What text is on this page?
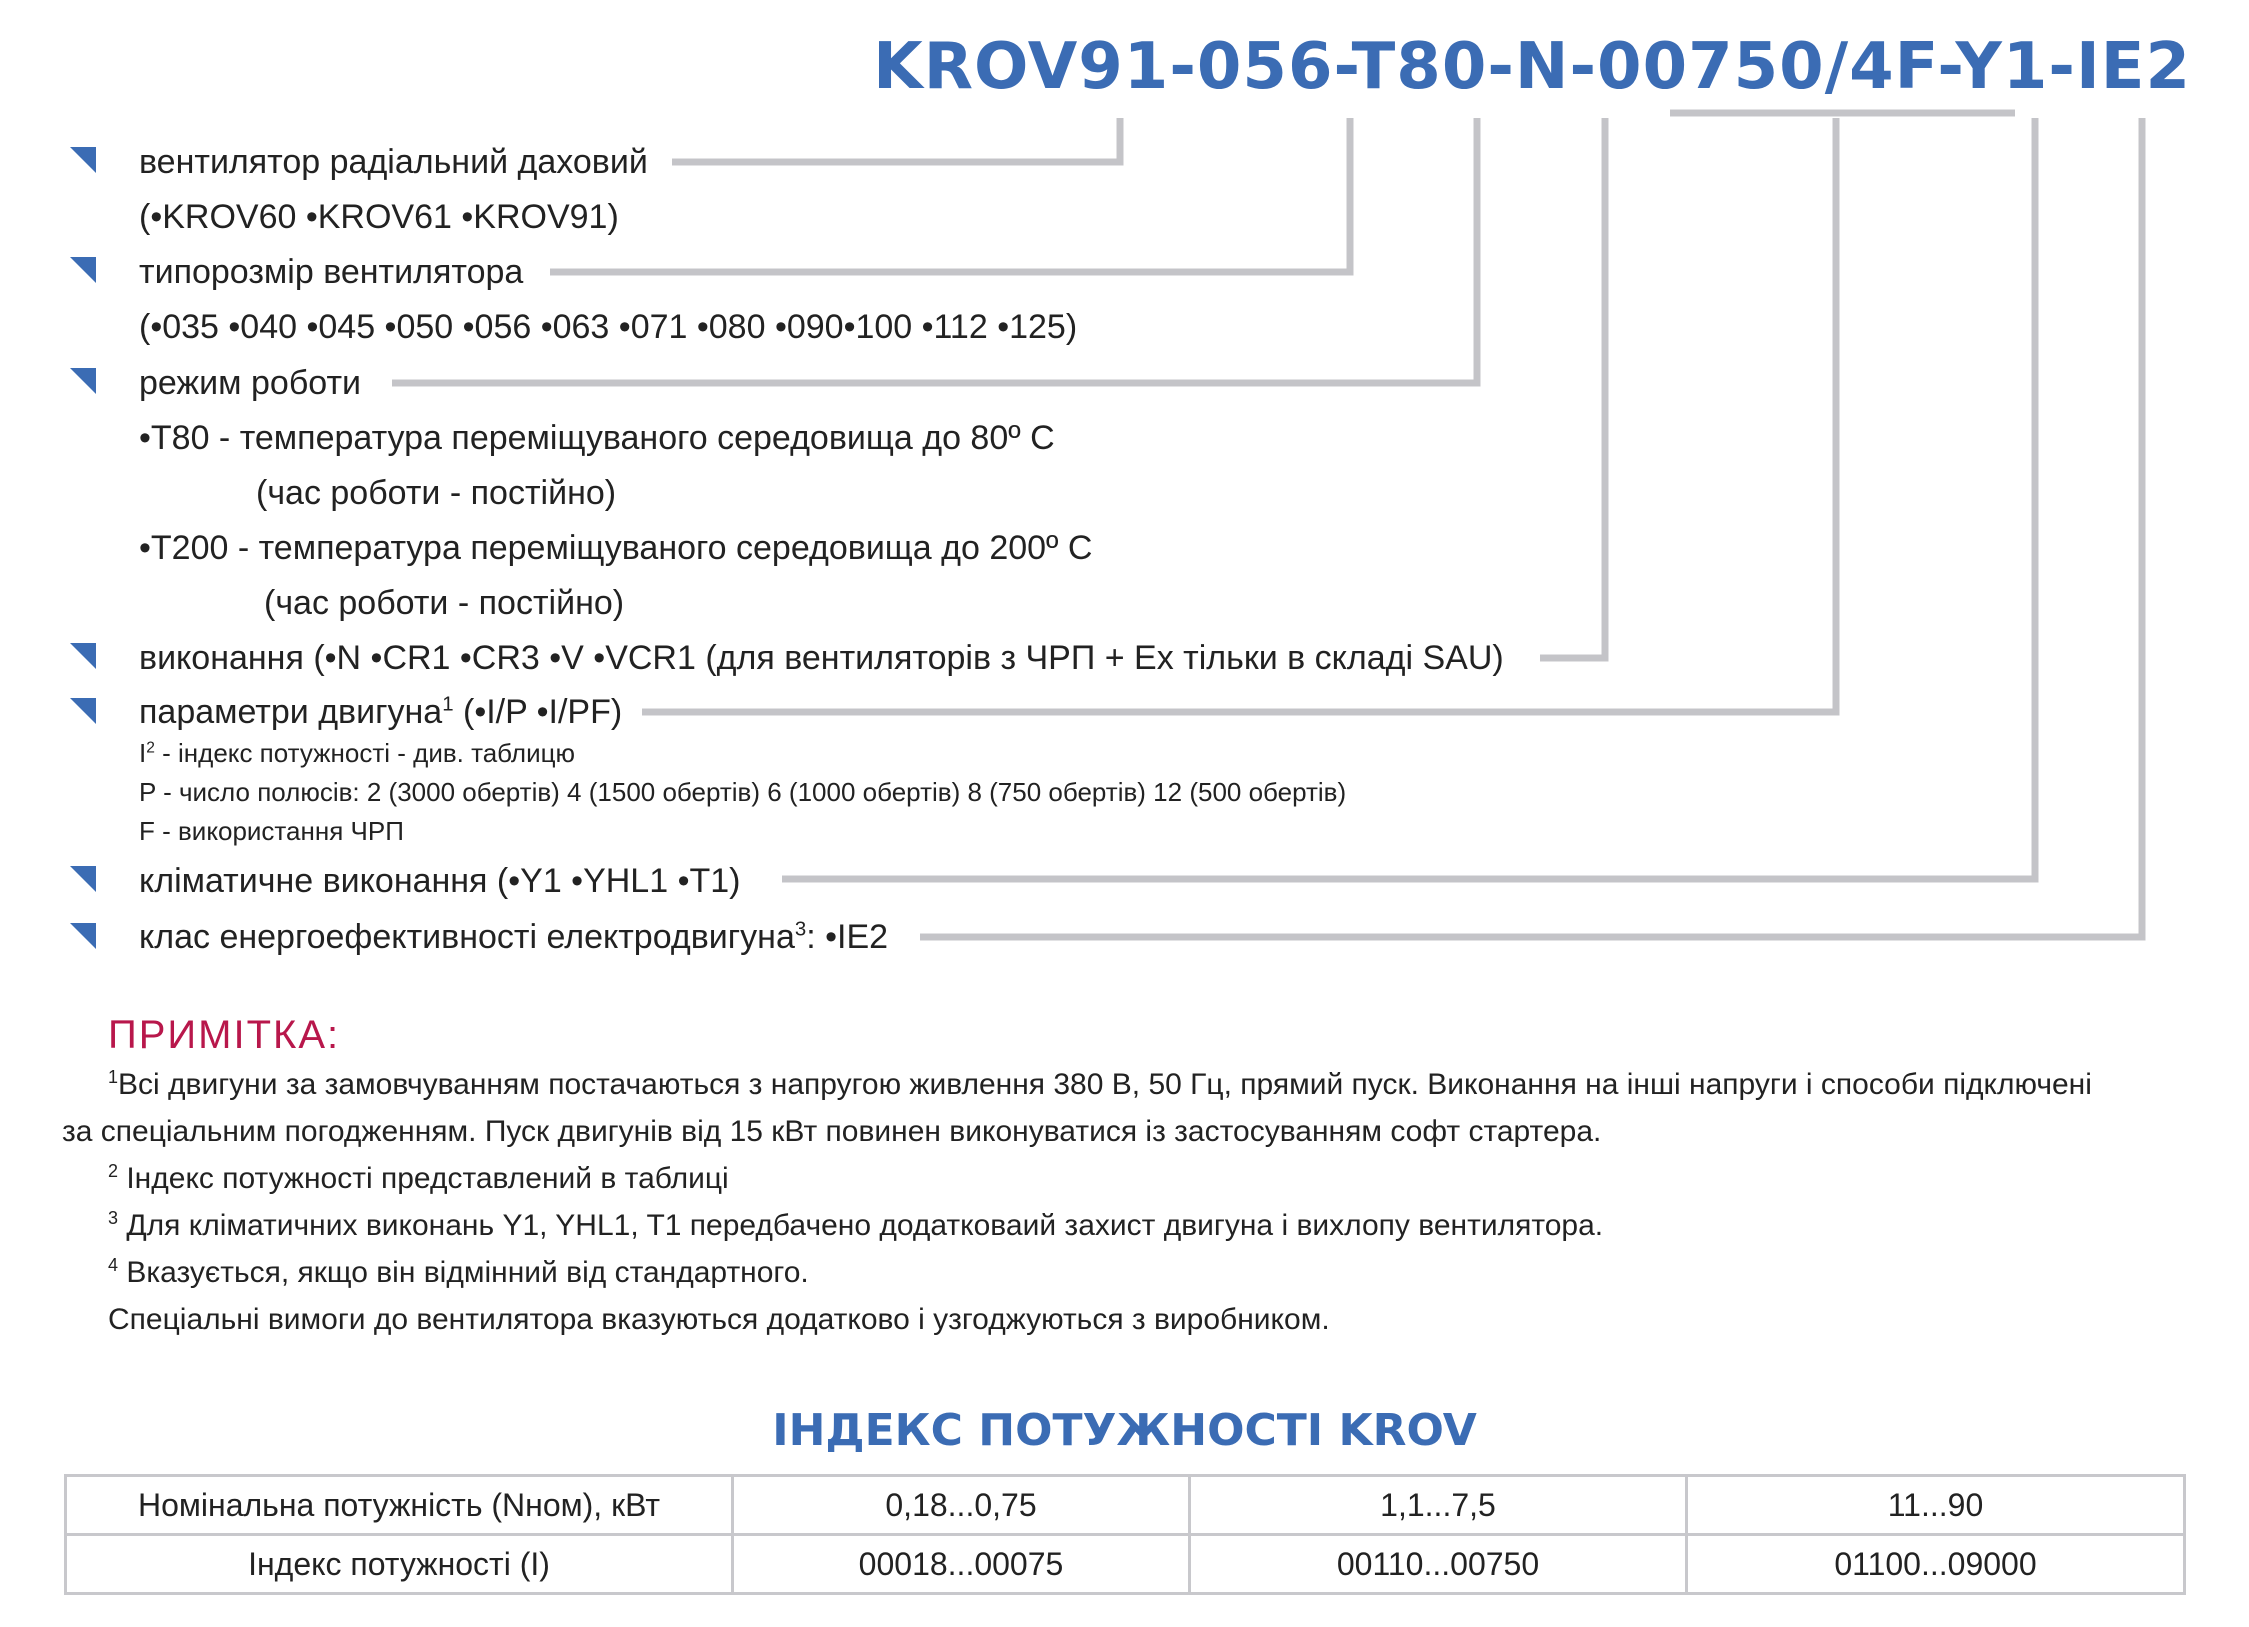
KROV91-056-T80-N-00750/4F-Y1-IE2
вентилятор радіальний даховий
(•KROV60 •KROV61 •KROV91)
типорозмір вентилятора
(•035 •040 •045 •050 •056 •063 •071 •080 •090•100 •112 •125)
режим роботи
•T80 - температура переміщуваного середовища до 80º С
(час роботи - постійно)
•T200 - температура переміщуваного середовища до 200º С
(час роботи - постійно)
виконання (•N •CR1 •CR3 •V •VCR1 (для вентиляторів з ЧРП + Ex тільки в складі SAU)
параметри двигуна$^1$ (•I/P •I/PF)
$I^2$ - індекс потужності - див. таблицю
P - число полюсів: 2 (3000 обертів) 4 (1500 обертів) 6 (1000 обертів) 8 (750 обертів) 12 (500 обертів)
F - використання ЧРП
кліматичне виконання (•Y1 •YHL1 •T1)
клас енергоефективності електродвигуна$^3$: •IE2
ПРИМІТКА:
$^1$Всі двигуни за замовчуванням постачаються з напругою живлення 380 В, 50 Гц, прямий пуск. Виконання на інші напруги і способи підключені
за спеціальним погодженням. Пуск двигунів від 15 кВт повинен виконуватися із застосуванням софт стартера.
$^2$ Індекс потужності представлений в таблиці
$^3$ Для кліматичних виконань Y1, YHL1, T1 передбачено додатковаий захист двигуна і вихлопу вентилятора.
$^4$ Вказується, якщо він відмінний від стандартного.
Спеціальні вимоги до вентилятора вказуються додатково і узгоджуються з виробником.
ІНДЕКС ПОТУЖНОСТІ KROV
Номінальна потужність (Nном), кВт	0,18...0,75	1,1...7,5	11...90
Індекс потужності (I)	00018...00075	00110...00750	01100...09000
